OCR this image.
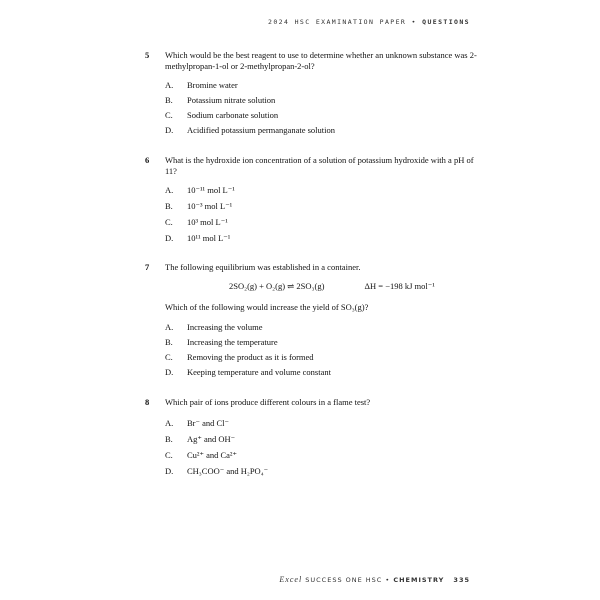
2024 HSC EXAMINATION PAPER • QUESTIONS
5 Which would be the best reagent to use to determine whether an unknown substance was 2-methylpropan-1-ol or 2-methylpropan-2-ol?
A. Bromine water
B. Potassium nitrate solution
C. Sodium carbonate solution
D. Acidified potassium permanganate solution
6 What is the hydroxide ion concentration of a solution of potassium hydroxide with a pH of 11?
A. 10⁻¹¹ mol L⁻¹
B. 10⁻³ mol L⁻¹
C. 10³ mol L⁻¹
D. 10¹¹ mol L⁻¹
7 The following equilibrium was established in a container.
2SO₂(g) + O₂(g) ⇌ 2SO₃(g)	ΔH = −198 kJ mol⁻¹
Which of the following would increase the yield of SO₃(g)?
A. Increasing the volume
B. Increasing the temperature
C. Removing the product as it is formed
D. Keeping temperature and volume constant
8 Which pair of ions produce different colours in a flame test?
A. Br⁻ and Cl⁻
B. Ag⁺ and OH⁻
C. Cu²⁺ and Ca²⁺
D. CH₃COO⁻ and H₂PO₄⁻
Excel SUCCESS ONE HSC • CHEMISTRY 335
